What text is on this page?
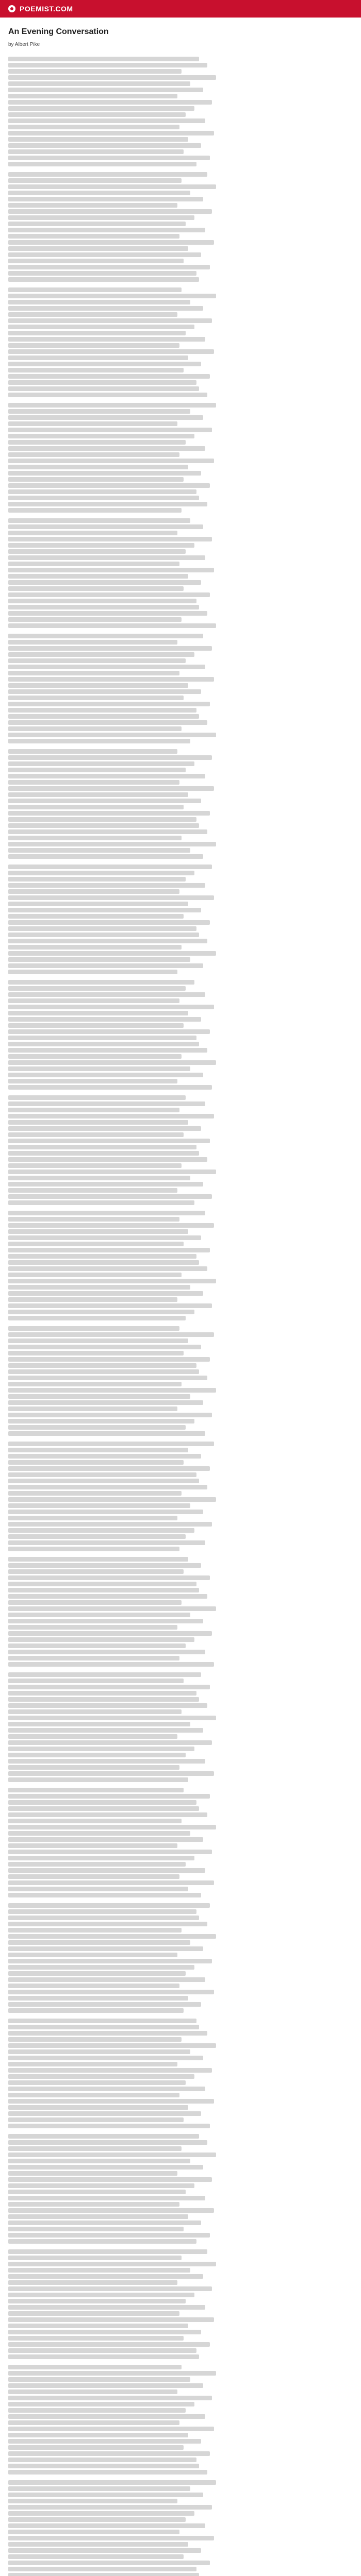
POEMIST.COM
An Evening Conversation
by Albert Pike
